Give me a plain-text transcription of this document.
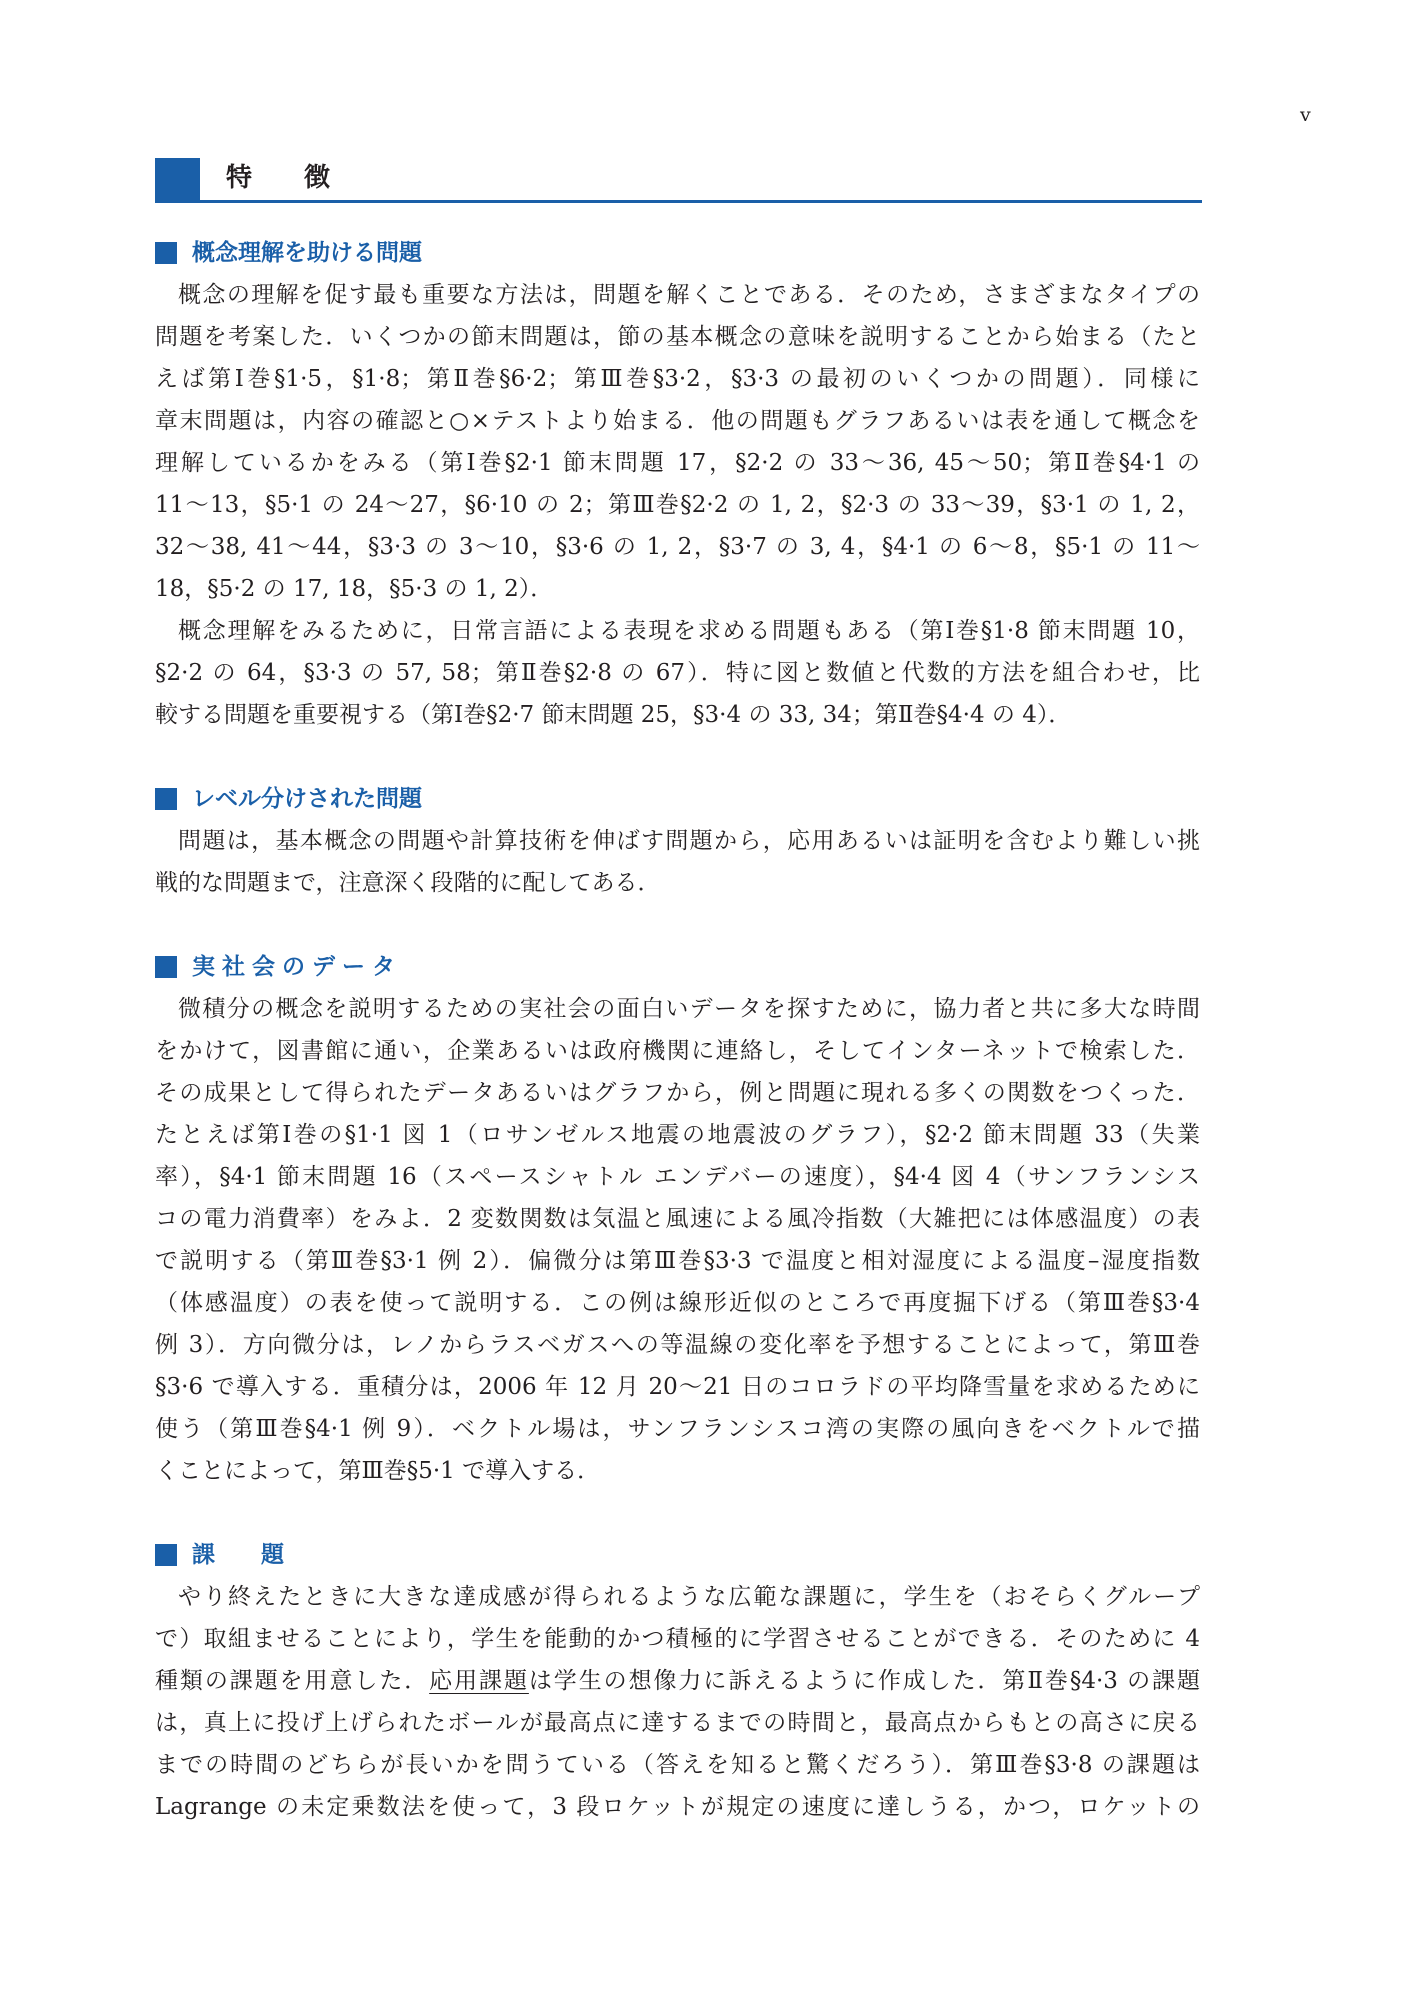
v
特　　徴
概念理解を助ける問題
概念の理解を促す最も重要な方法は，問題を解くことである．そのため，さまざまなタイプの
問題を考案した．いくつかの節末問題は，節の基本概念の意味を説明することから始まる（たと
えば第Ⅰ巻§1·5，§1·8；第Ⅱ巻§6·2；第Ⅲ巻§3·2，§3·3 の最初のいくつかの問題）．同様に
章末問題は，内容の確認と○×テストより始まる．他の問題もグラフあるいは表を通して概念を
理解しているかをみる（第Ⅰ巻§2·1 節末問題 17，§2·2 の 33〜36, 45〜50；第Ⅱ巻§4·1 の
11〜13，§5·1 の 24〜27，§6·10 の 2；第Ⅲ巻§2·2 の 1, 2，§2·3 の 33〜39，§3·1 の 1, 2，
32〜38, 41〜44，§3·3 の 3〜10，§3·6 の 1, 2，§3·7 の 3, 4，§4·1 の 6〜8，§5·1 の 11〜
18，§5·2 の 17, 18，§5·3 の 1, 2）．
概念理解をみるために，日常言語による表現を求める問題もある（第Ⅰ巻§1·8 節末問題 10，
§2·2 の 64，§3·3 の 57, 58；第Ⅱ巻§2·8 の 67）．特に図と数値と代数的方法を組合わせ，比
較する問題を重要視する（第Ⅰ巻§2·7 節末問題 25，§3·4 の 33, 34；第Ⅱ巻§4·4 の 4）．
レベル分けされた問題
問題は，基本概念の問題や計算技術を伸ばす問題から，応用あるいは証明を含むより難しい挑
戦的な問題まで，注意深く段階的に配してある．
実社会のデータ
微積分の概念を説明するための実社会の面白いデータを探すために，協力者と共に多大な時間
をかけて，図書館に通い，企業あるいは政府機関に連絡し，そしてインターネットで検索した．
その成果として得られたデータあるいはグラフから，例と問題に現れる多くの関数をつくった．
たとえば第Ⅰ巻の§1·1 図 1（ロサンゼルス地震の地震波のグラフ），§2·2 節末問題 33（失業
率），§4·1 節末問題 16（スペースシャトル エンデバーの速度），§4·4 図 4（サンフランシス
コの電力消費率）をみよ．2 変数関数は気温と風速による風冷指数（大雑把には体感温度）の表
で説明する（第Ⅲ巻§3·1 例 2）．偏微分は第Ⅲ巻§3·3 で温度と相対湿度による温度–湿度指数
（体感温度）の表を使って説明する．この例は線形近似のところで再度掘下げる（第Ⅲ巻§3·4
例 3）．方向微分は，レノからラスベガスへの等温線の変化率を予想することによって，第Ⅲ巻
§3·6 で導入する．重積分は，2006 年 12 月 20〜21 日のコロラドの平均降雪量を求めるために
使う（第Ⅲ巻§4·1 例 9）．ベクトル場は，サンフランシスコ湾の実際の風向きをベクトルで描
くことによって，第Ⅲ巻§5·1 で導入する．
課　　題
やり終えたときに大きな達成感が得られるような広範な課題に，学生を（おそらくグループ
で）取組ませることにより，学生を能動的かつ積極的に学習させることができる．そのために 4
種類の課題を用意した．応用課題は学生の想像力に訴えるように作成した．第Ⅱ巻§4·3 の課題
は，真上に投げ上げられたボールが最高点に達するまでの時間と，最高点からもとの高さに戻る
までの時間のどちらが長いかを問うている（答えを知ると驚くだろう）．第Ⅲ巻§3·8 の課題は
Lagrange の未定乗数法を使って，3 段ロケットが規定の速度に達しうる，かつ，ロケットの
